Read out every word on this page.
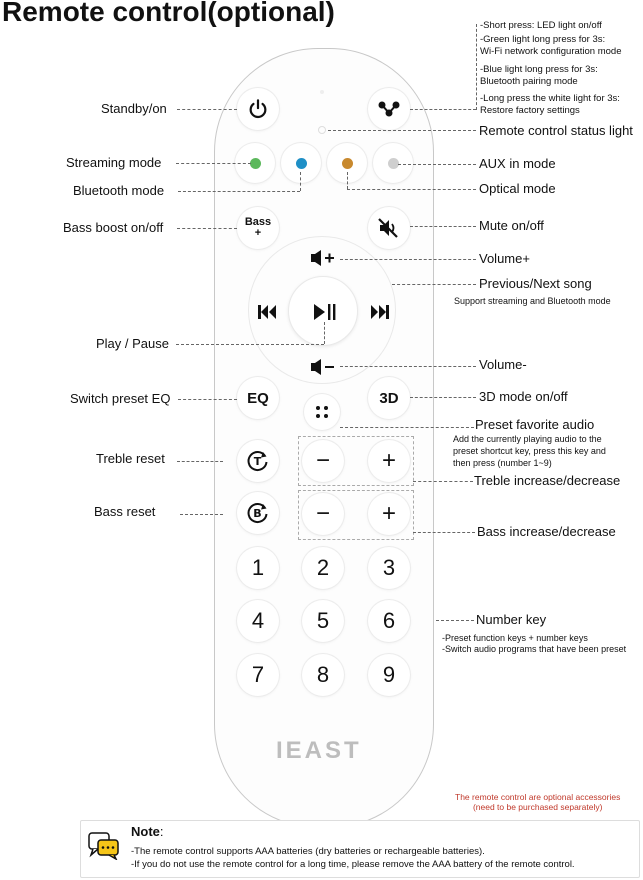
Remote control(optional)
Bass
+
EQ	3D
T − +
B − +
1	2	3
4	5	6
7	8	9
IEAST
Standby/on
Streaming mode
Bluetooth mode
Bass boost on/off
Play / Pause
Switch preset EQ
Treble reset
Bass reset
-Short press: LED light on/off
-Green light long press for 3s:
Wi-Fi network configuration mode
-Blue light long press for 3s:
Bluetooth pairing mode
-Long press the white light for 3s:
Restore factory settings
Remote control status light
AUX in mode
Optical mode
Mute on/off
Volume+
Previous/Next song
Support streaming and Bluetooth mode
Volume-
3D mode on/off
Preset favorite audio
Add the currently playing audio to the
preset shortcut key, press this key and
then press (number 1~9)
Treble increase/decrease
Bass increase/decrease
Number key
-Preset function keys + number keys
-Switch audio programs that have been preset
The remote control are optional accessories
(need to be purchased separately)
Note:
-The remote control supports AAA batteries (dry batteries or rechargeable batteries).
-If you do not use the remote control for a long time, please remove the AAA battery of the remote control.
